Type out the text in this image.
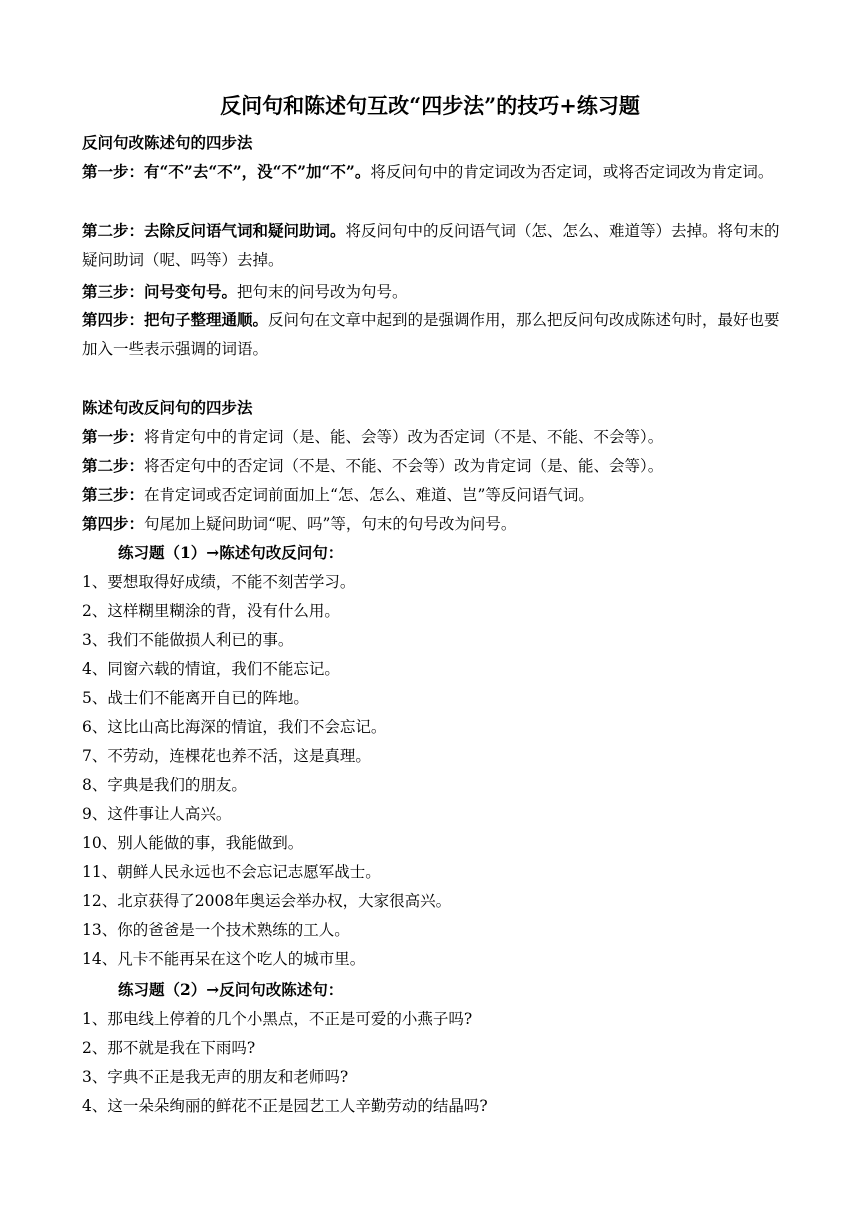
反问句和陈述句互改“四步法”的技巧+练习题
反问句改陈述句的四步法
第一步：有“不”去“不”，没“不”加“不”。将反问句中的肯定词改为否定词，或将否定词改为肯定词。
第二步：去除反问语气词和疑问助词。将反问句中的反问语气词（怎、怎么、难道等）去掉。将句末的疑问助词（呢、吗等）去掉。
第三步：问号变句号。把句末的问号改为句号。
第四步：把句子整理通顺。反问句在文章中起到的是强调作用，那么把反问句改成陈述句时，最好也要加入一些表示强调的词语。
陈述句改反问句的四步法
第一步：将肯定句中的肯定词（是、能、会等）改为否定词（不是、不能、不会等）。
第二步：将否定句中的否定词（不是、不能、不会等）改为肯定词（是、能、会等）。
第三步：在肯定词或否定词前面加上“怎、怎么、难道、岂”等反问语气词。
第四步：句尾加上疑问助词“呢、吗”等，句末的句号改为问号。
练习题（1）→陈述句改反问句：
1、要想取得好成绩，不能不刻苦学习。
2、这样糊里糊涂的背，没有什么用。
3、我们不能做损人利已的事。
4、同窗六载的情谊，我们不能忘记。
5、战士们不能离开自已的阵地。
6、这比山高比海深的情谊，我们不会忘记。
7、不劳动，连棵花也养不活，这是真理。
8、字典是我们的朋友。
9、这件事让人高兴。
10、别人能做的事，我能做到。
11、朝鲜人民永远也不会忘记志愿军战士。
12、北京获得了2008年奥运会举办权，大家很高兴。
13、你的爸爸是一个技术熟练的工人。
14、凡卡不能再呆在这个吃人的城市里。
练习题（2）→反问句改陈述句：
1、那电线上停着的几个小黑点，不正是可爱的小燕子吗?
2、那不就是我在下雨吗?
3、字典不正是我无声的朋友和老师吗?
4、这一朵朵绚丽的鲜花不正是园艺工人辛勤劳动的结晶吗?
